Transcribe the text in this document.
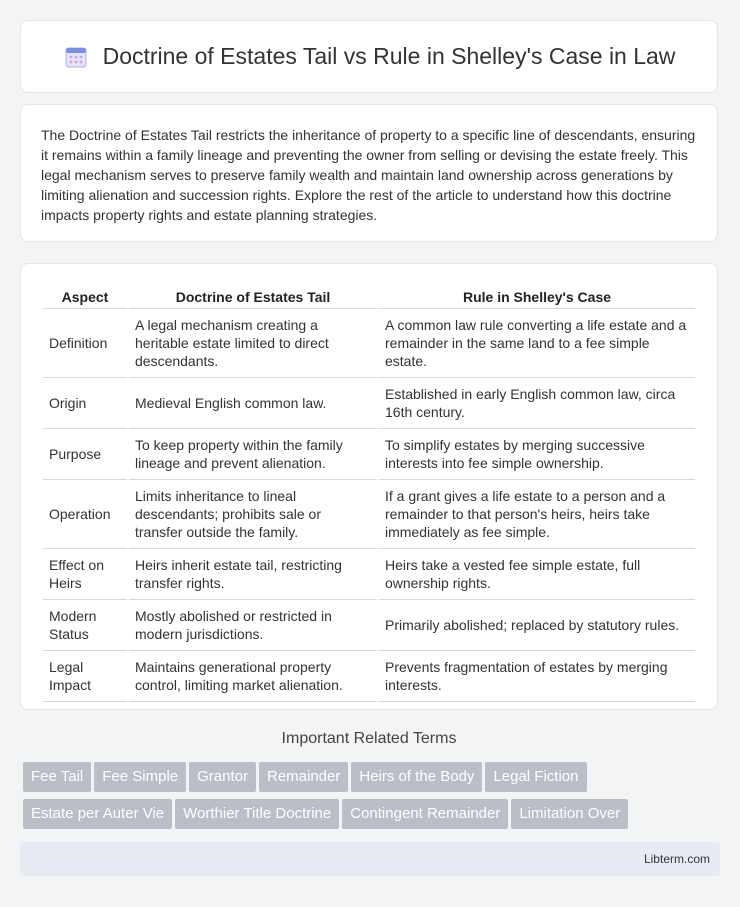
Doctrine of Estates Tail vs Rule in Shelley's Case in Law

The Doctrine of Estates Tail restricts the inheritance of property to a specific line of descendants, ensuring it remains within a family lineage and preventing the owner from selling or devising the estate freely. This legal mechanism serves to preserve family wealth and maintain land ownership across generations by limiting alienation and succession rights. Explore the rest of the article to understand how this doctrine impacts property rights and estate planning strategies.

Aspect	Doctrine of Estates Tail	Rule in Shelley's Case
Definition	A legal mechanism creating a heritable estate limited to direct descendants.	A common law rule converting a life estate and a remainder in the same land to a fee simple estate.
Origin	Medieval English common law.	Established in early English common law, circa 16th century.
Purpose	To keep property within the family lineage and prevent alienation.	To simplify estates by merging successive interests into fee simple ownership.
Operation	Limits inheritance to lineal descendants; prohibits sale or transfer outside the family.	If a grant gives a life estate to a person and a remainder to that person's heirs, heirs take immediately as fee simple.
Effect on Heirs	Heirs inherit estate tail, restricting transfer rights.	Heirs take a vested fee simple estate, full ownership rights.
Modern Status	Mostly abolished or restricted in modern jurisdictions.	Primarily abolished; replaced by statutory rules.
Legal Impact	Maintains generational property control, limiting market alienation.	Prevents fragmentation of estates by merging interests.
Important Related Terms
Fee Tail Fee Simple Grantor Remainder Heirs of the Body Legal FictionEstate per Auter Vie Worthier Title Doctrine Contingent Remainder Limitation Over
Libterm.com
